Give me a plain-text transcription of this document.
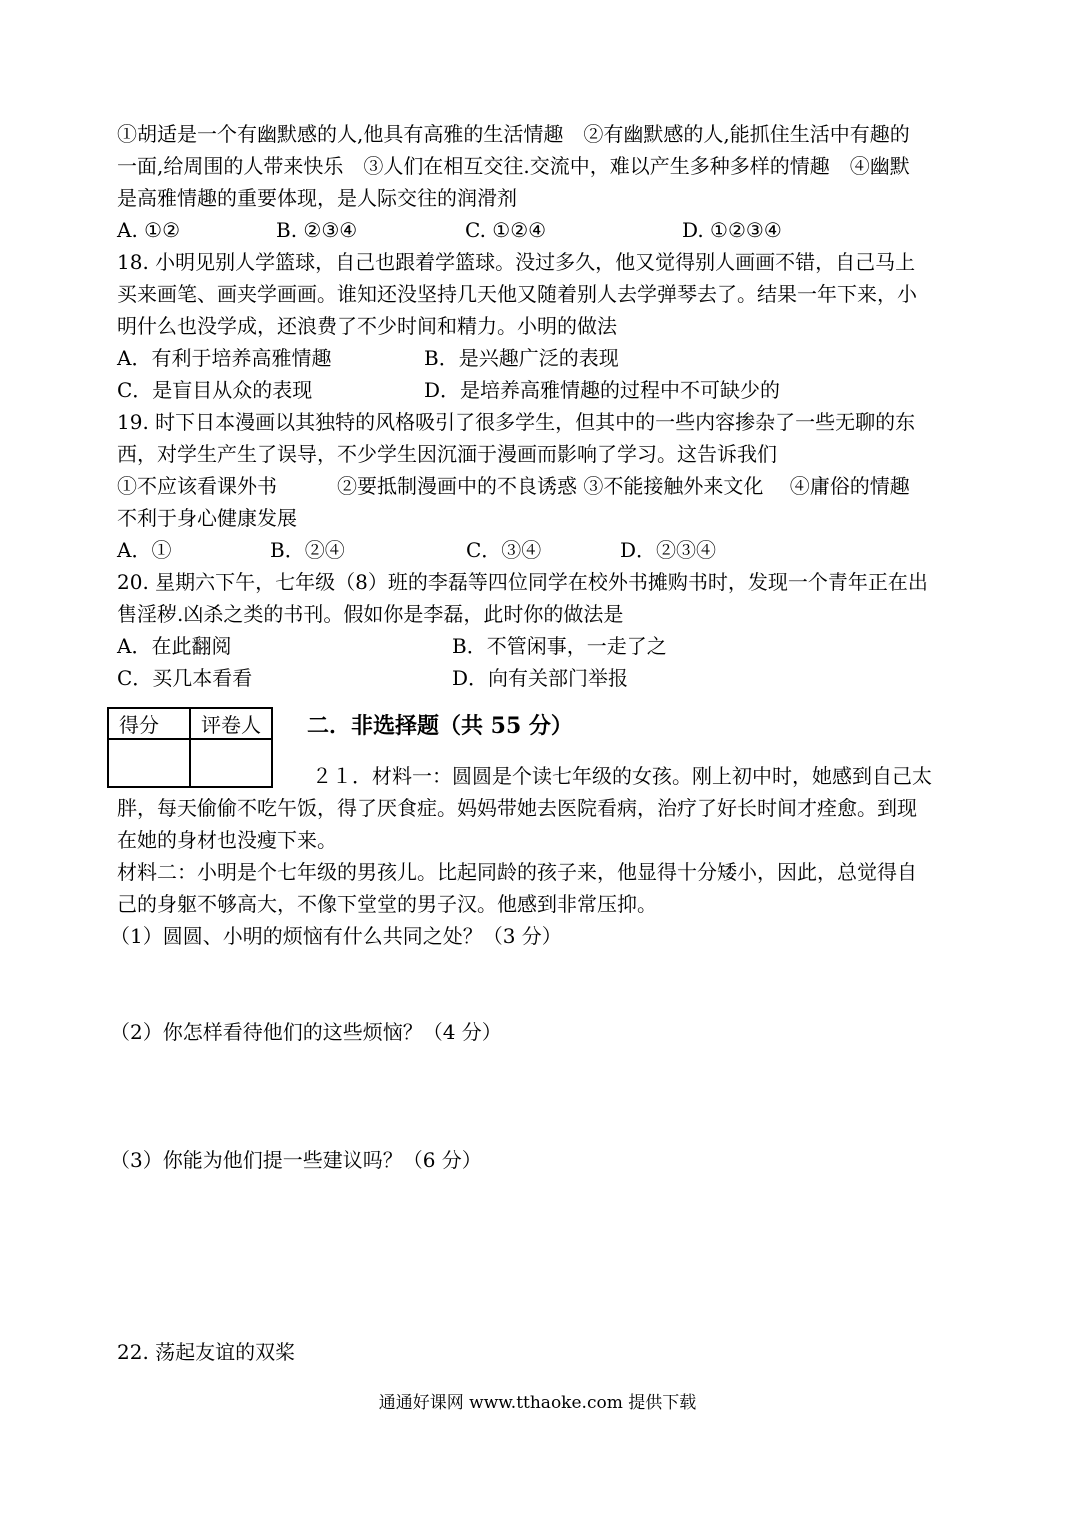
①胡适是一个有幽默感的人,他具有高雅的生活情趣　②有幽默感的人,能抓住生活中有趣的
一面,给周围的人带来快乐　③人们在相互交往.交流中，难以产生多种多样的情趣　④幽默
是高雅情趣的重要体现，是人际交往的润滑剂
A. ①②	B. ②③④	C. ①②④	D. ①②③④
18. 小明见别人学篮球，自己也跟着学篮球。没过多久，他又觉得别人画画不错，自己马上
买来画笔、画夹学画画。谁知还没坚持几天他又随着别人去学弹琴去了。结果一年下来，小
明什么也没学成，还浪费了不少时间和精力。小明的做法
A．有利于培养高雅情趣	B．是兴趣广泛的表现
C．是盲目从众的表现	D．是培养高雅情趣的过程中不可缺少的
19. 时下日本漫画以其独特的风格吸引了很多学生，但其中的一些内容掺杂了一些无聊的东
西，对学生产生了误导，不少学生因沉湎于漫画而影响了学习。这告诉我们
①不应该看课外书　　　②要抵制漫画中的不良诱惑 ③不能接触外来文化　 ④庸俗的情趣
不利于身心健康发展
A．①	B．②④	C．③④	D．②③④
20. 星期六下午，七年级（8）班的李磊等四位同学在校外书摊购书时，发现一个青年正在出
售淫秽.凶杀之类的书刊。假如你是李磊，此时你的做法是
A．在此翻阅	B．不管闲事，一走了之
C．买几本看看	D．向有关部门举报
得分	评卷人
	二．非选择题（共 55 分）
２１．材料一：圆圆是个读七年级的女孩。刚上初中时，她感到自己太
胖，每天偷偷不吃午饭，得了厌食症。妈妈带她去医院看病，治疗了好长时间才痊愈。到现
在她的身材也没瘦下来。
材料二：小明是个七年级的男孩儿。比起同龄的孩子来，他显得十分矮小，因此，总觉得自
己的身躯不够高大，不像下堂堂的男子汉。他感到非常压抑。
（1）圆圆、小明的烦恼有什么共同之处？（3 分）
（2）你怎样看待他们的这些烦恼？（4 分）
（3）你能为他们提一些建议吗？（6 分）
22. 荡起友谊的双桨
通通好课网 www.tthaoke.com 提供下载
